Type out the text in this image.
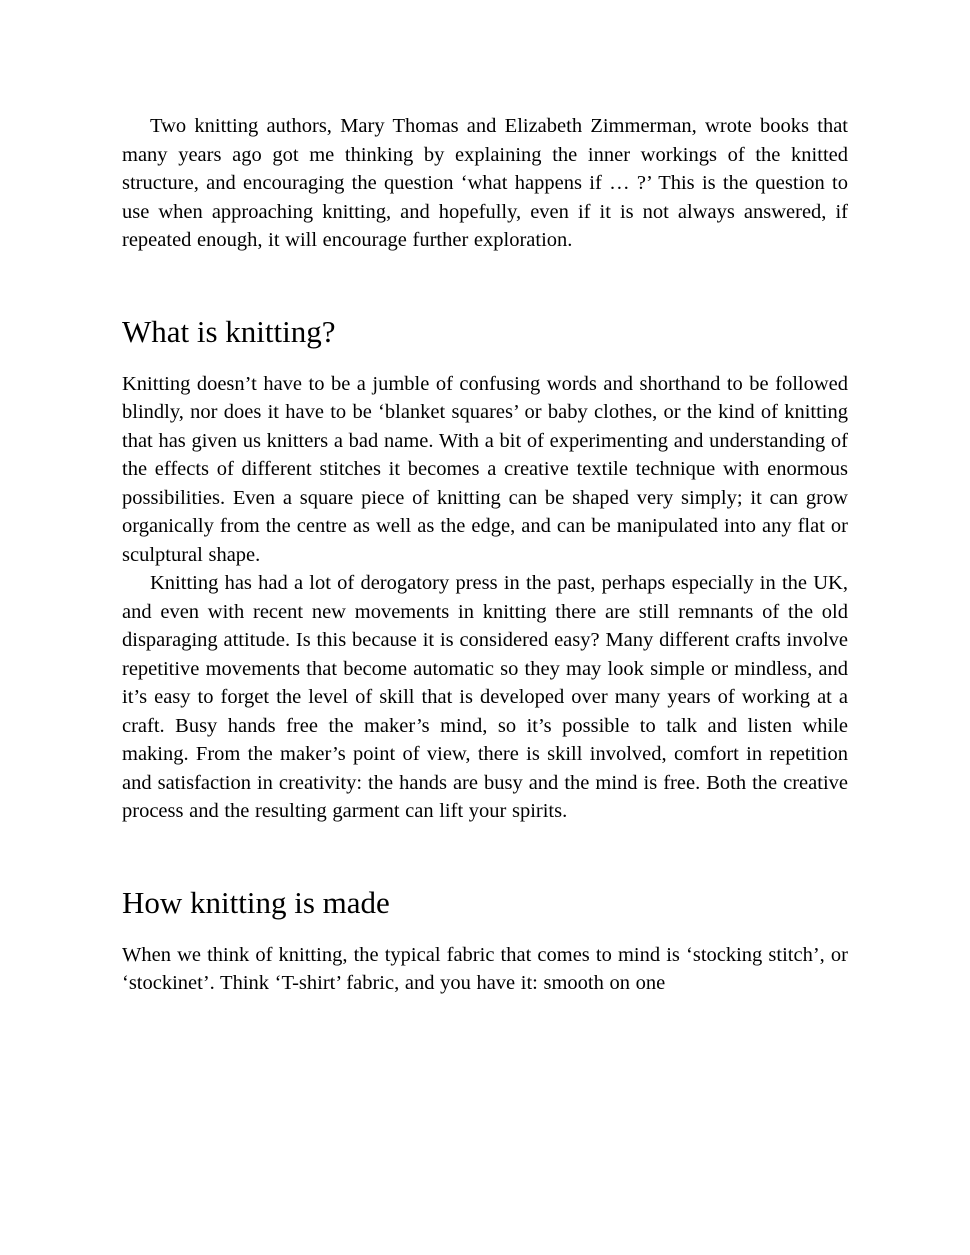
Two knitting authors, Mary Thomas and Elizabeth Zimmerman, wrote books that many years ago got me thinking by explaining the inner workings of the knitted structure, and encouraging the question ‘what happens if … ?’ This is the question to use when approaching knitting, and hopefully, even if it is not always answered, if repeated enough, it will encourage further exploration.

What is knitting?

Knitting doesn’t have to be a jumble of confusing words and shorthand to be followed blindly, nor does it have to be ‘blanket squares’ or baby clothes, or the kind of knitting that has given us knitters a bad name. With a bit of experimenting and understanding of the effects of different stitches it becomes a creative textile technique with enormous possibilities. Even a square piece of knitting can be shaped very simply; it can grow organically from the centre as well as the edge, and can be manipulated into any flat or sculptural shape.

Knitting has had a lot of derogatory press in the past, perhaps especially in the UK, and even with recent new movements in knitting there are still remnants of the old disparaging attitude. Is this because it is considered easy? Many different crafts involve repetitive movements that become automatic so they may look simple or mindless, and it’s easy to forget the level of skill that is developed over many years of working at a craft. Busy hands free the maker’s mind, so it’s possible to talk and listen while making. From the maker’s point of view, there is skill involved, comfort in repetition and satisfaction in creativity: the hands are busy and the mind is free. Both the creative process and the resulting garment can lift your spirits.

How knitting is made

When we think of knitting, the typical fabric that comes to mind is ‘stocking stitch’, or ‘stockinet’. Think ‘T-shirt’ fabric, and you have it: smooth on one
